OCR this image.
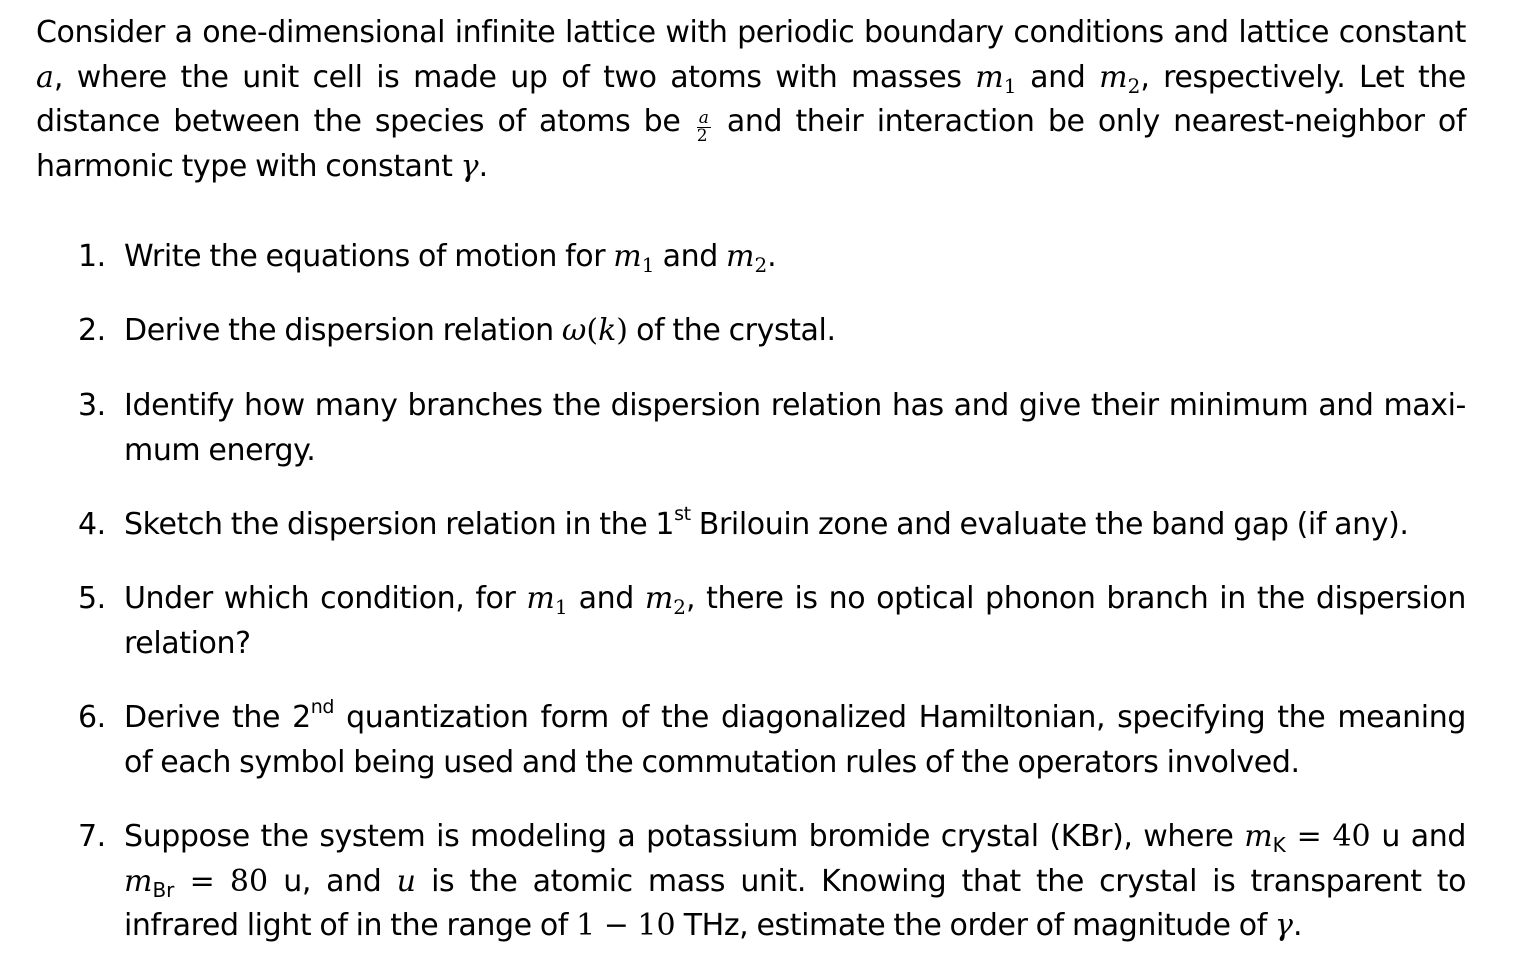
Consider a one-dimensional infinite lattice with periodic boundary conditions and lattice constant
a, where the unit cell is made up of two atoms with masses $m_1$ and $m_2$, respectively. Let the
distance between the species of atoms be $\frac{a}{2}$ and their interaction be only nearest-neighbor of
harmonic type with constant γ.
1. Write the equations of motion for $m_1$ and $m_2$.
2. Derive the dispersion relation ω(k) of the crystal.
3. Identify how many branches the dispersion relation has and give their minimum and maxi-
mum energy.
4. Sketch the dispersion relation in the 1st Brilouin zone and evaluate the band gap (if any).
5. Under which condition, for $m_1$ and $m_2$, there is no optical phonon branch in the dispersion
relation?
6. Derive the 2nd quantization form of the diagonalized Hamiltonian, specifying the meaning
of each symbol being used and the commutation rules of the operators involved.
7. Suppose the system is modeling a potassium bromide crystal (KBr), where $m_K = 40$ u and
$m_{Br} = 80$ u, and u is the atomic mass unit. Knowing that the crystal is transparent to
infrared light of in the range of 1 − 10 THz, estimate the order of magnitude of γ.
